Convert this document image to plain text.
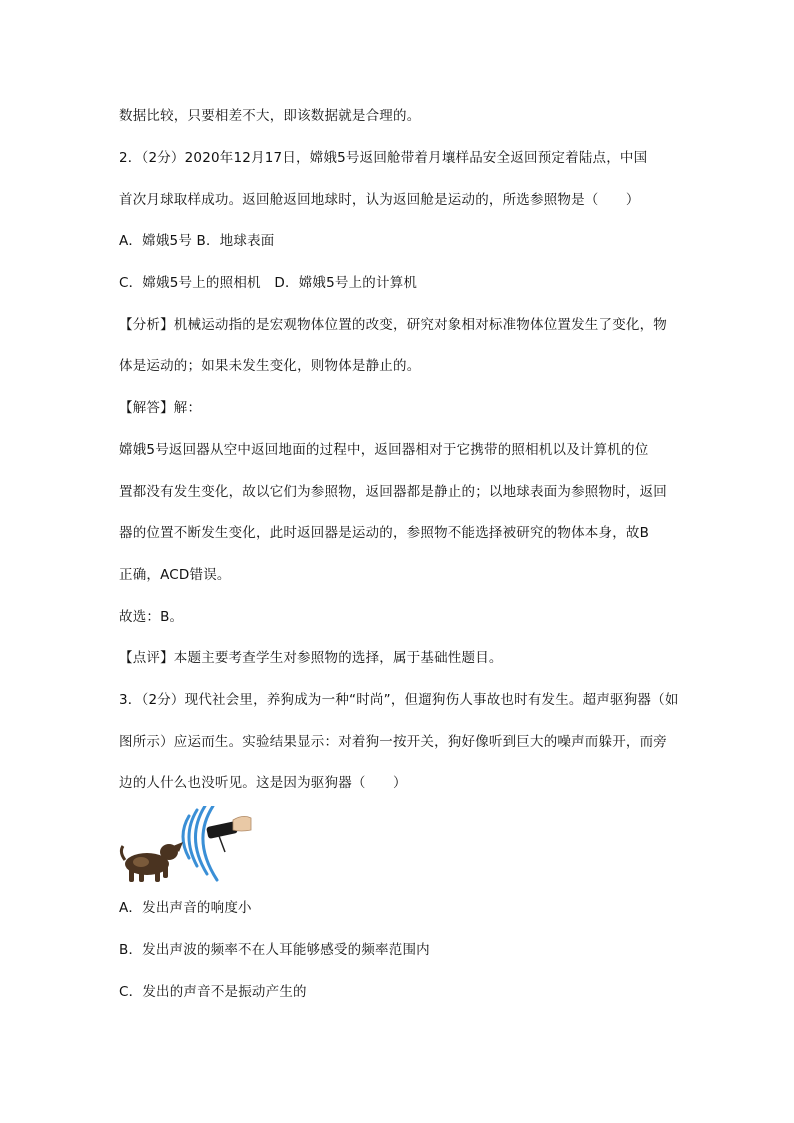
数据比较，只要相差不大，即该数据就是合理的。
2．（2分）2020年12月17日，嫦娥5号返回舱带着月壤样品安全返回预定着陆点，中国
首次月球取样成功。返回舱返回地球时，认为返回舱是运动的，所选参照物是（　　）
A．嫦娥5号 B．地球表面
C．嫦娥5号上的照相机　D．嫦娥5号上的计算机
【分析】机械运动指的是宏观物体位置的改变，研究对象相对标准物体位置发生了变化，物
体是运动的；如果未发生变化，则物体是静止的。
【解答】解：
嫦娥5号返回器从空中返回地面的过程中，返回器相对于它携带的照相机以及计算机的位
置都没有发生变化，故以它们为参照物，返回器都是静止的；以地球表面为参照物时，返回
器的位置不断发生变化，此时返回器是运动的，参照物不能选择被研究的物体本身，故B
正确，ACD错误。
故选：B。
【点评】本题主要考查学生对参照物的选择，属于基础性题目。
3．（2分）现代社会里，养狗成为一种“时尚”，但遛狗伤人事故也时有发生。超声驱狗器（如
图所示）应运而生。实验结果显示：对着狗一按开关，狗好像听到巨大的噪声而躲开，而旁
边的人什么也没听见。这是因为驱狗器（　　）
A．发出声音的响度小
B．发出声波的频率不在人耳能够感受的频率范围内
C．发出的声音不是振动产生的
